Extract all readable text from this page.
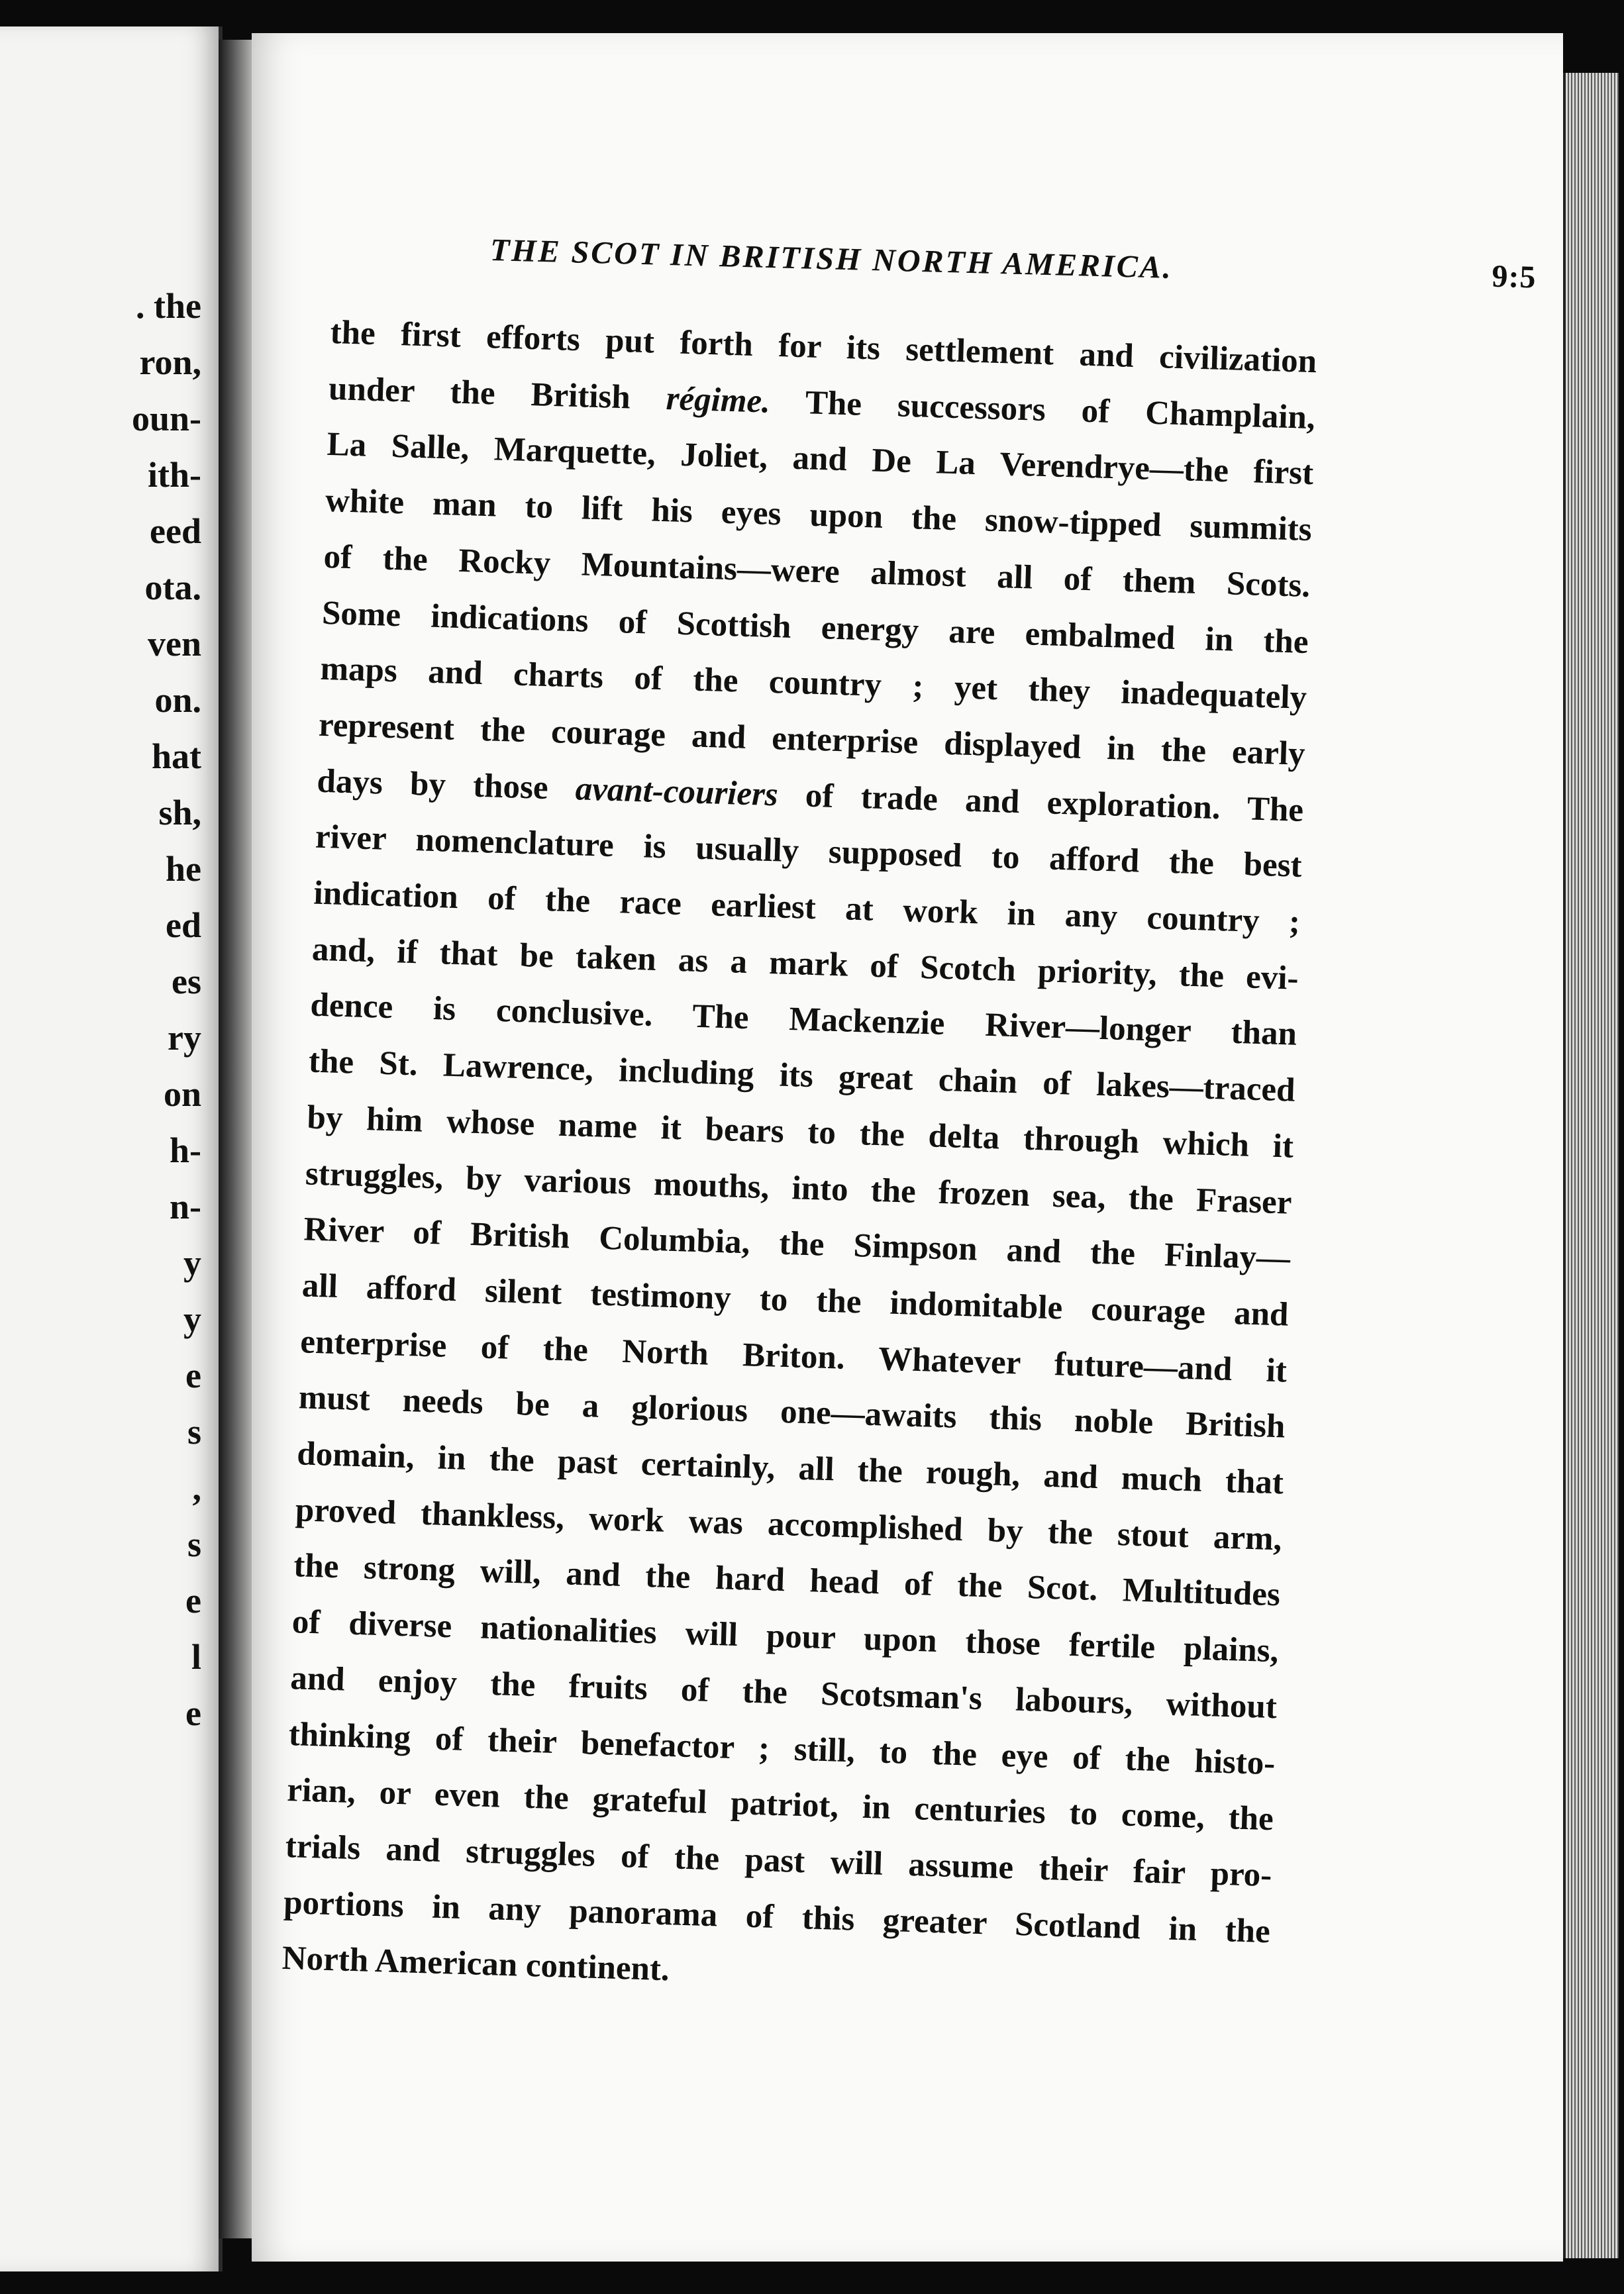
. the
ron,
oun-
ith-
eed
ota.
ven
on.
hat
sh,
he
ed
es
ry
on
h-
n-
y
y
e
s
,
s
e
l
e
THE SCOT IN BRITISH NORTH AMERICA.	9:5
the first efforts put forth for its settlement and civilization
under the British régime. The successors of Champlain,
La Salle, Marquette, Joliet, and De La Verendrye—the first
white man to lift his eyes upon the snow-tipped summits
of the Rocky Mountains—were almost all of them Scots.
Some indications of Scottish energy are embalmed in the
maps and charts of the country ; yet they inadequately
represent the courage and enterprise displayed in the early
days by those avant-couriers of trade and exploration. The
river nomenclature is usually supposed to afford the best
indication of the race earliest at work in any country ;
and, if that be taken as a mark of Scotch priority, the evi-
dence is conclusive. The Mackenzie River—longer than
the St. Lawrence, including its great chain of lakes—traced
by him whose name it bears to the delta through which it
struggles, by various mouths, into the frozen sea, the Fraser
River of British Columbia, the Simpson and the Finlay—
all afford silent testimony to the indomitable courage and
enterprise of the North Briton. Whatever future—and it
must needs be a glorious one—awaits this noble British
domain, in the past certainly, all the rough, and much that
proved thankless, work was accomplished by the stout arm,
the strong will, and the hard head of the Scot. Multitudes
of diverse nationalities will pour upon those fertile plains,
and enjoy the fruits of the Scotsman's labours, without
thinking of their benefactor ; still, to the eye of the histo-
rian, or even the grateful patriot, in centuries to come, the
trials and struggles of the past will assume their fair pro-
portions in any panorama of this greater Scotland in the
North American continent.
